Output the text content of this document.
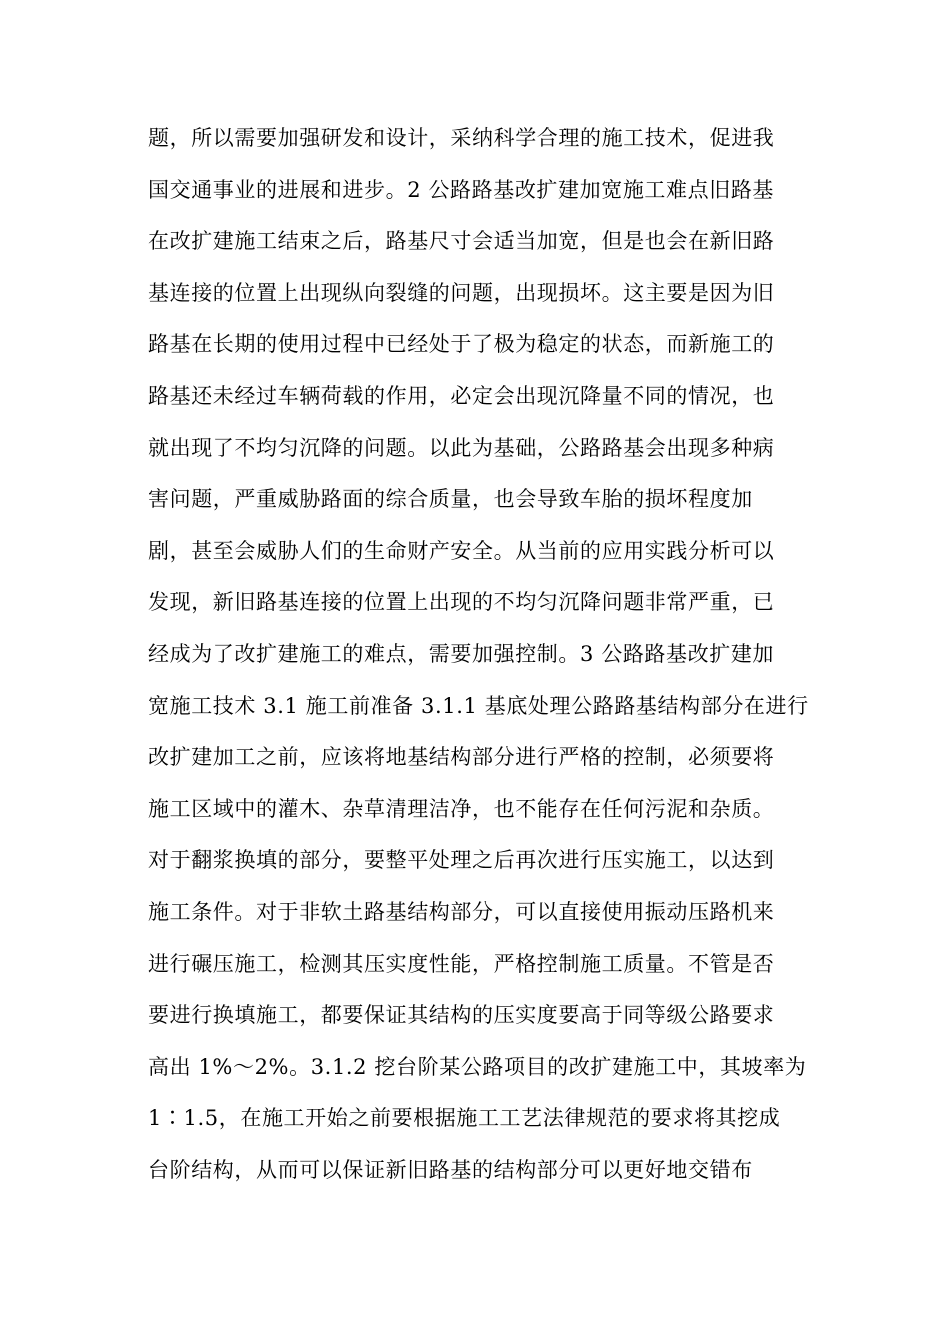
题，所以需要加强研发和设计，采纳科学合理的施工技术，促进我
国交通事业的进展和进步。2 公路路基改扩建加宽施工难点旧路基
在改扩建施工结束之后，路基尺寸会适当加宽，但是也会在新旧路
基连接的位置上出现纵向裂缝的问题，出现损坏。这主要是因为旧
路基在长期的使用过程中已经处于了极为稳定的状态，而新施工的
路基还未经过车辆荷载的作用，必定会出现沉降量不同的情况，也
就出现了不均匀沉降的问题。以此为基础，公路路基会出现多种病
害问题，严重威胁路面的综合质量，也会导致车胎的损坏程度加
剧，甚至会威胁人们的生命财产安全。从当前的应用实践分析可以
发现，新旧路基连接的位置上出现的不均匀沉降问题非常严重，已
经成为了改扩建施工的难点，需要加强控制。3 公路路基改扩建加
宽施工技术 3.1 施工前准备 3.1.1 基底处理公路路基结构部分在进行
改扩建加工之前，应该将地基结构部分进行严格的控制，必须要将
施工区域中的灌木、杂草清理洁净，也不能存在任何污泥和杂质。
对于翻浆换填的部分，要整平处理之后再次进行压实施工，以达到
施工条件。对于非软土路基结构部分，可以直接使用振动压路机来
进行碾压施工，检测其压实度性能，严格控制施工质量。不管是否
要进行换填施工，都要保证其结构的压实度要高于同等级公路要求
高出 1%～2%。3.1.2 挖台阶某公路项目的改扩建施工中，其坡率为
1∶1.5，在施工开始之前要根据施工工艺法律规范的要求将其挖成
台阶结构，从而可以保证新旧路基的结构部分可以更好地交错布
